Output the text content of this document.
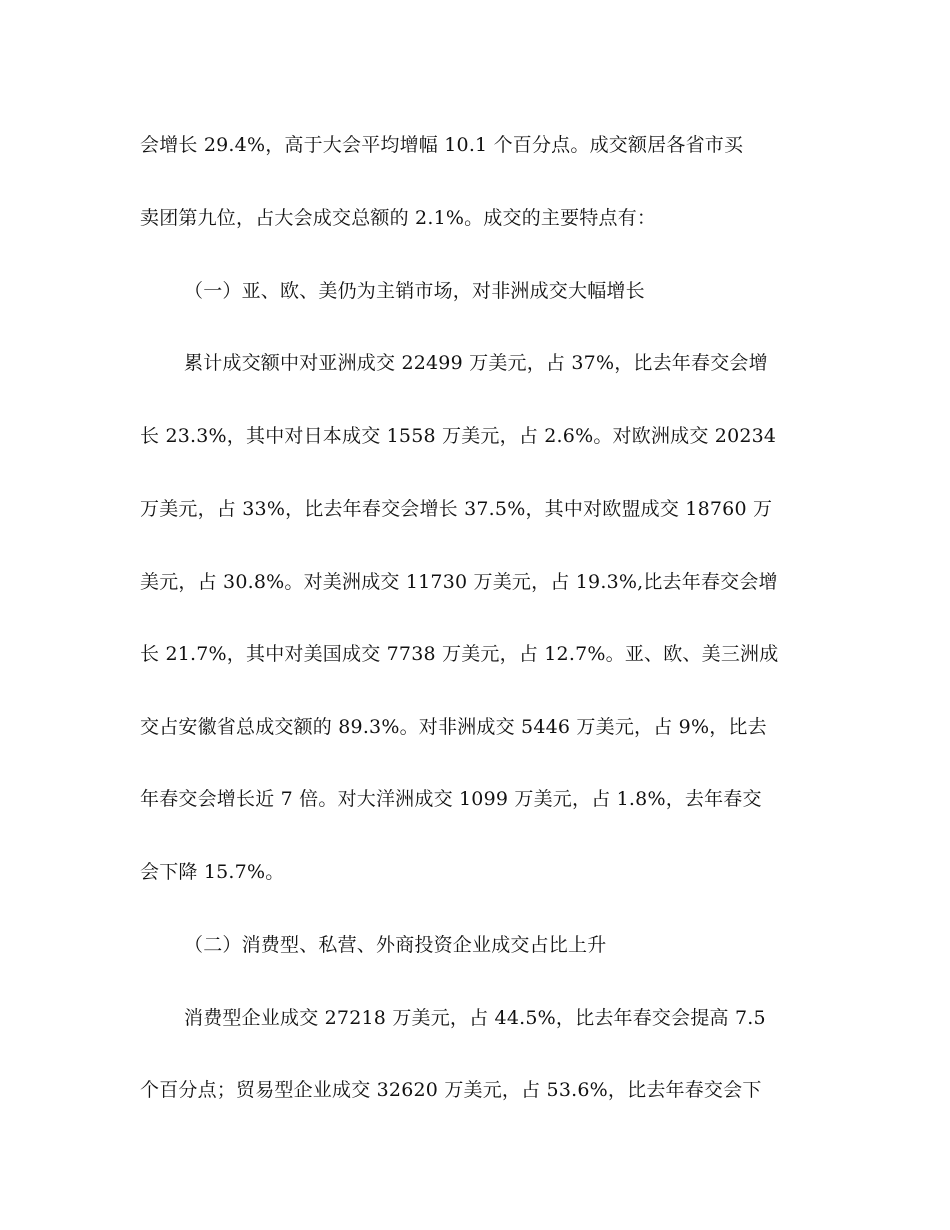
会增长 29.4%，高于大会平均增幅 10.1 个百分点。成交额居各省市买
卖团第九位，占大会成交总额的 2.1%。成交的主要特点有：
（一）亚、欧、美仍为主销市场，对非洲成交大幅增长
累计成交额中对亚洲成交 22499 万美元，占 37%，比去年春交会增
长 23.3%，其中对日本成交 1558 万美元，占 2.6%。对欧洲成交 20234
万美元，占 33%，比去年春交会增长 37.5%，其中对欧盟成交 18760 万
美元，占 30.8%。对美洲成交 11730 万美元，占 19.3%,比去年春交会增
长 21.7%，其中对美国成交 7738 万美元，占 12.7%。亚、欧、美三洲成
交占安徽省总成交额的 89.3%。对非洲成交 5446 万美元，占 9%，比去
年春交会增长近 7 倍。对大洋洲成交 1099 万美元，占 1.8%，去年春交
会下降 15.7%。
（二）消费型、私营、外商投资企业成交占比上升
消费型企业成交 27218 万美元，占 44.5%，比去年春交会提高 7.5
个百分点；贸易型企业成交 32620 万美元，占 53.6%，比去年春交会下
